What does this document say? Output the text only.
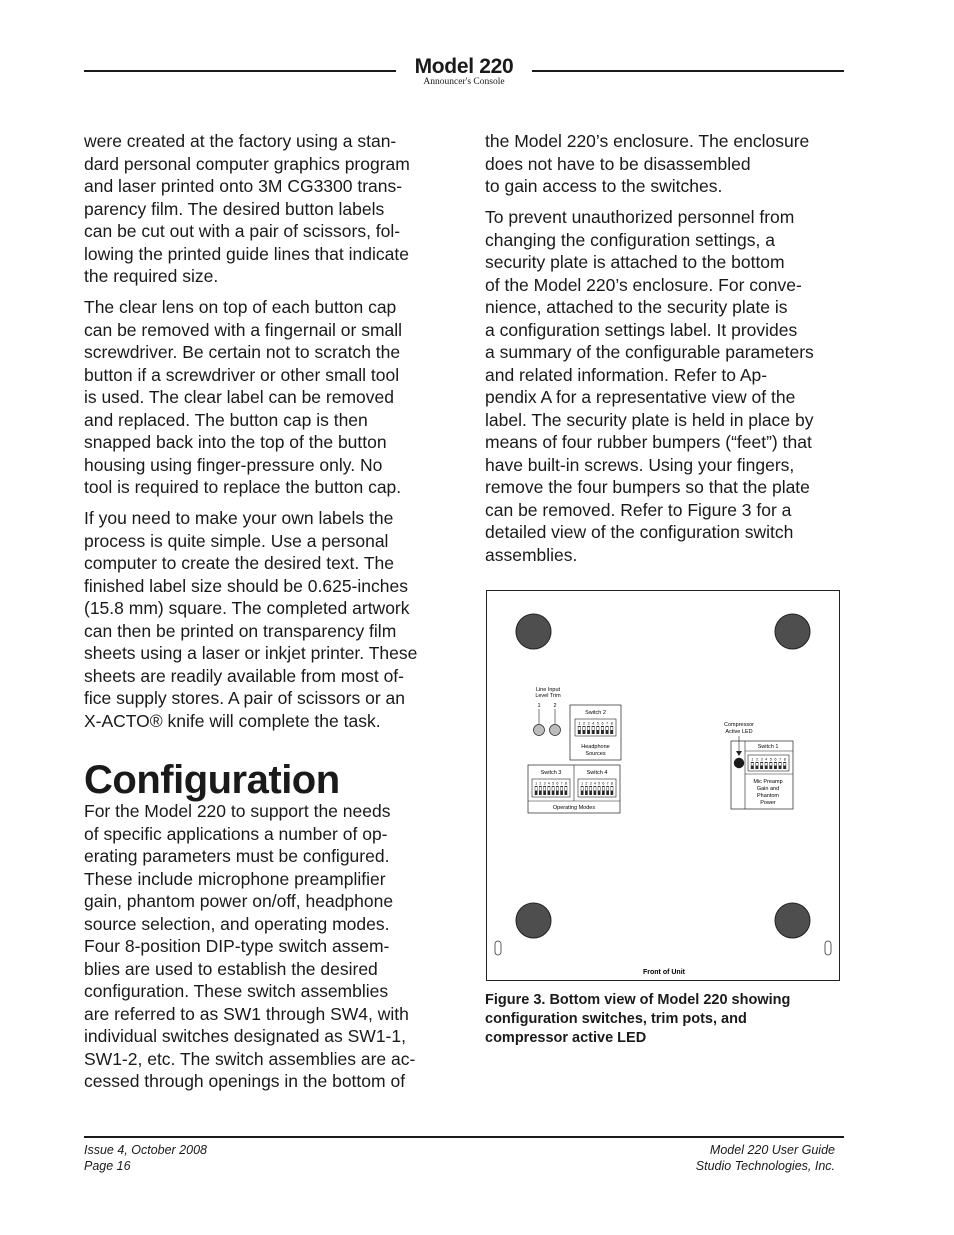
Model 220
Announcer's Console

were created at the factory using a stan-
dard personal computer graphics program
and laser printed onto 3M CG3300 trans-
parency film. The desired button labels
can be cut out with a pair of scissors, fol-
lowing the printed guide lines that indicate
the required size.

The clear lens on top of each button cap
can be removed with a fingernail or small
screwdriver. Be certain not to scratch the
button if a screwdriver or other small tool
is used. The clear label can be removed
and replaced. The button cap is then
snapped back into the top of the button
housing using finger-pressure only. No
tool is required to replace the button cap.

If you need to make your own labels the
process is quite simple. Use a personal
computer to create the desired text. The
finished label size should be 0.625-inches
(15.8 mm) square. The completed artwork
can then be printed on transparency film
sheets using a laser or inkjet printer. These
sheets are readily available from most of-
fice supply stores. A pair of scissors or an
X-ACTO® knife will complete the task.

Configuration

For the Model 220 to support the needs
of specific applications a number of op-
erating parameters must be configured.
These include microphone preamplifier
gain, phantom power on/off, headphone
source selection, and operating modes.
Four 8-position DIP-type switch assem-
blies are used to establish the desired
configuration. These switch assemblies
are referred to as SW1 through SW4, with
individual switches designated as SW1-1,
SW1-2, etc. The switch assemblies are ac-
cessed through openings in the bottom of

the Model 220’s enclosure. The enclosure
does not have to be disassembled
to gain access to the switches.

To prevent unauthorized personnel from
changing the configuration settings, a
security plate is attached to the bottom
of the Model 220’s enclosure. For conve-
nience, attached to the security plate is
a configuration settings label. It provides
a summary of the configurable parameters
and related information. Refer to Ap-
pendix A for a representative view of the
label. The security plate is held in place by
means of four rubber bumpers (“feet”) that
have built-in screws. Using your fingers,
remove the four bumpers so that the plate
can be removed. Refer to Figure 3 for a
detailed view of the configuration switch
assemblies.

Line Input
Level Trim
1 2
Switch 2
1 2 3 4 5 6 7 8
Headphone
Sources
Switch 3	Switch 4
1 2 3 4 5 6 7 8	1 2 3 4 5 6 7 8
Operating Modes
Compressor
Active LED
Switch 1
1 2 3 4 5 6 7 8
Mic Preamp
Gain and
Phantom
Power
Front of Unit
Figure 3. Bottom view of Model 220 showing
configuration switches, trim pots, and
compressor active LED
Issue 4, October 2008
Page 16
Model 220 User Guide
Studio Technologies, Inc.
